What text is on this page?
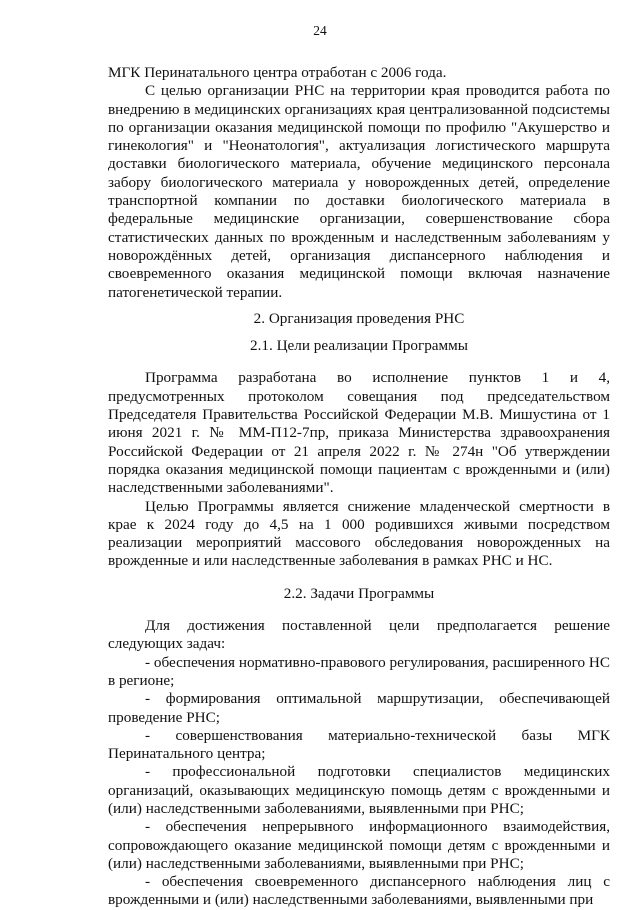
24

МГК Перинатального центра отработан с 2006 года.

С целью организации РНС на территории края проводится работа по внедрению в медицинских организациях края централизованной подсистемы по организации оказания медицинской помощи по профилю "Акушерство и гинекология" и "Неонатология", актуализация логистического маршрута доставки биологического материала, обучение медицинского персонала забору биологического материала у новорожденных детей, определение транспортной компании по доставки биологического материала в федеральные медицинские организации, совершенствование сбора статистических данных по врожденным и наследственным заболеваниям у новорождённых детей, организация диспансерного наблюдения и своевременного оказания медицинской помощи включая назначение патогенетической терапии.

2. Организация проведения РНС

2.1. Цели реализации Программы

Программа разработана во исполнение пунктов 1 и 4, предусмотренных протоколом совещания под председательством Председателя Правительства Российской Федерации М.В. Мишустина от 1 июня 2021 г. № ММ-П12-7пр, приказа Министерства здравоохранения Российской Федерации от 21 апреля 2022 г. № 274н "Об утверждении порядка оказания медицинской помощи пациентам с врожденными и (или) наследственными заболеваниями".

Целью Программы является снижение младенческой смертности в крае к 2024 году до 4,5 на 1 000 родившихся живыми посредством реализации мероприятий массового обследования новорожденных на врожденные и или наследственные заболевания в рамках РНС и НС.

2.2. Задачи Программы

Для достижения поставленной цели предполагается решение следующих задач:

- обеспечения нормативно-правового регулирования, расширенного НС в регионе;

- формирования оптимальной маршрутизации, обеспечивающей проведение РНС;

- совершенствования материально-технической базы МГК Перинатального центра;

- профессиональной подготовки специалистов медицинских организаций, оказывающих медицинскую помощь детям с врожденными и (или) наследственными заболеваниями, выявленными при РНС;

- обеспечения непрерывного информационного взаимодействия, сопровождающего оказание медицинской помощи детям с врожденными и (или) наследственными заболеваниями, выявленными при РНС;

- обеспечения своевременного диспансерного наблюдения лиц с врожденными и (или) наследственными заболеваниями, выявленными при
